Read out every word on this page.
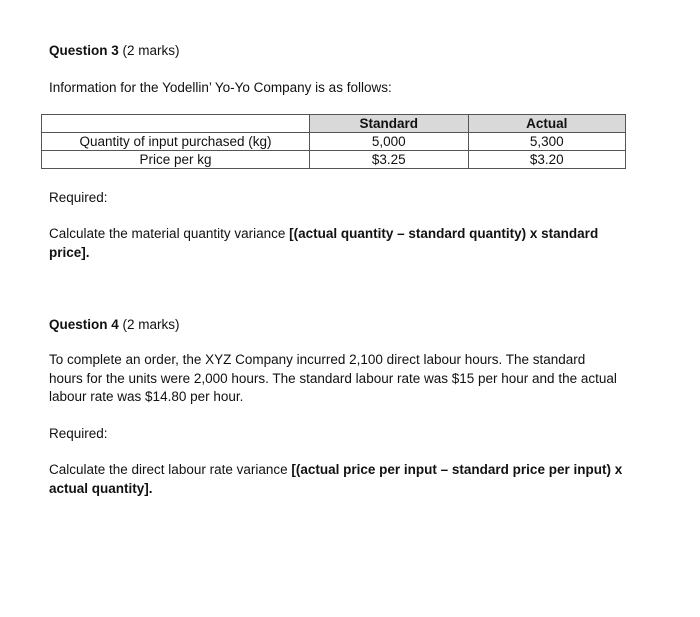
Question 3 (2 marks)
Information for the Yodellin’ Yo-Yo Company is as follows:
	Standard	Actual
Quantity of input purchased (kg)	5,000	5,300
Price per kg	$3.25	$3.20
Required:
Calculate the material quantity variance [(actual quantity – standard quantity) x standard
price].
Question 4 (2 marks)
To complete an order, the XYZ Company incurred 2,100 direct labour hours. The standard
hours for the units were 2,000 hours. The standard labour rate was $15 per hour and the actual
labour rate was $14.80 per hour.
Required:
Calculate the direct labour rate variance [(actual price per input – standard price per input) x
actual quantity].
